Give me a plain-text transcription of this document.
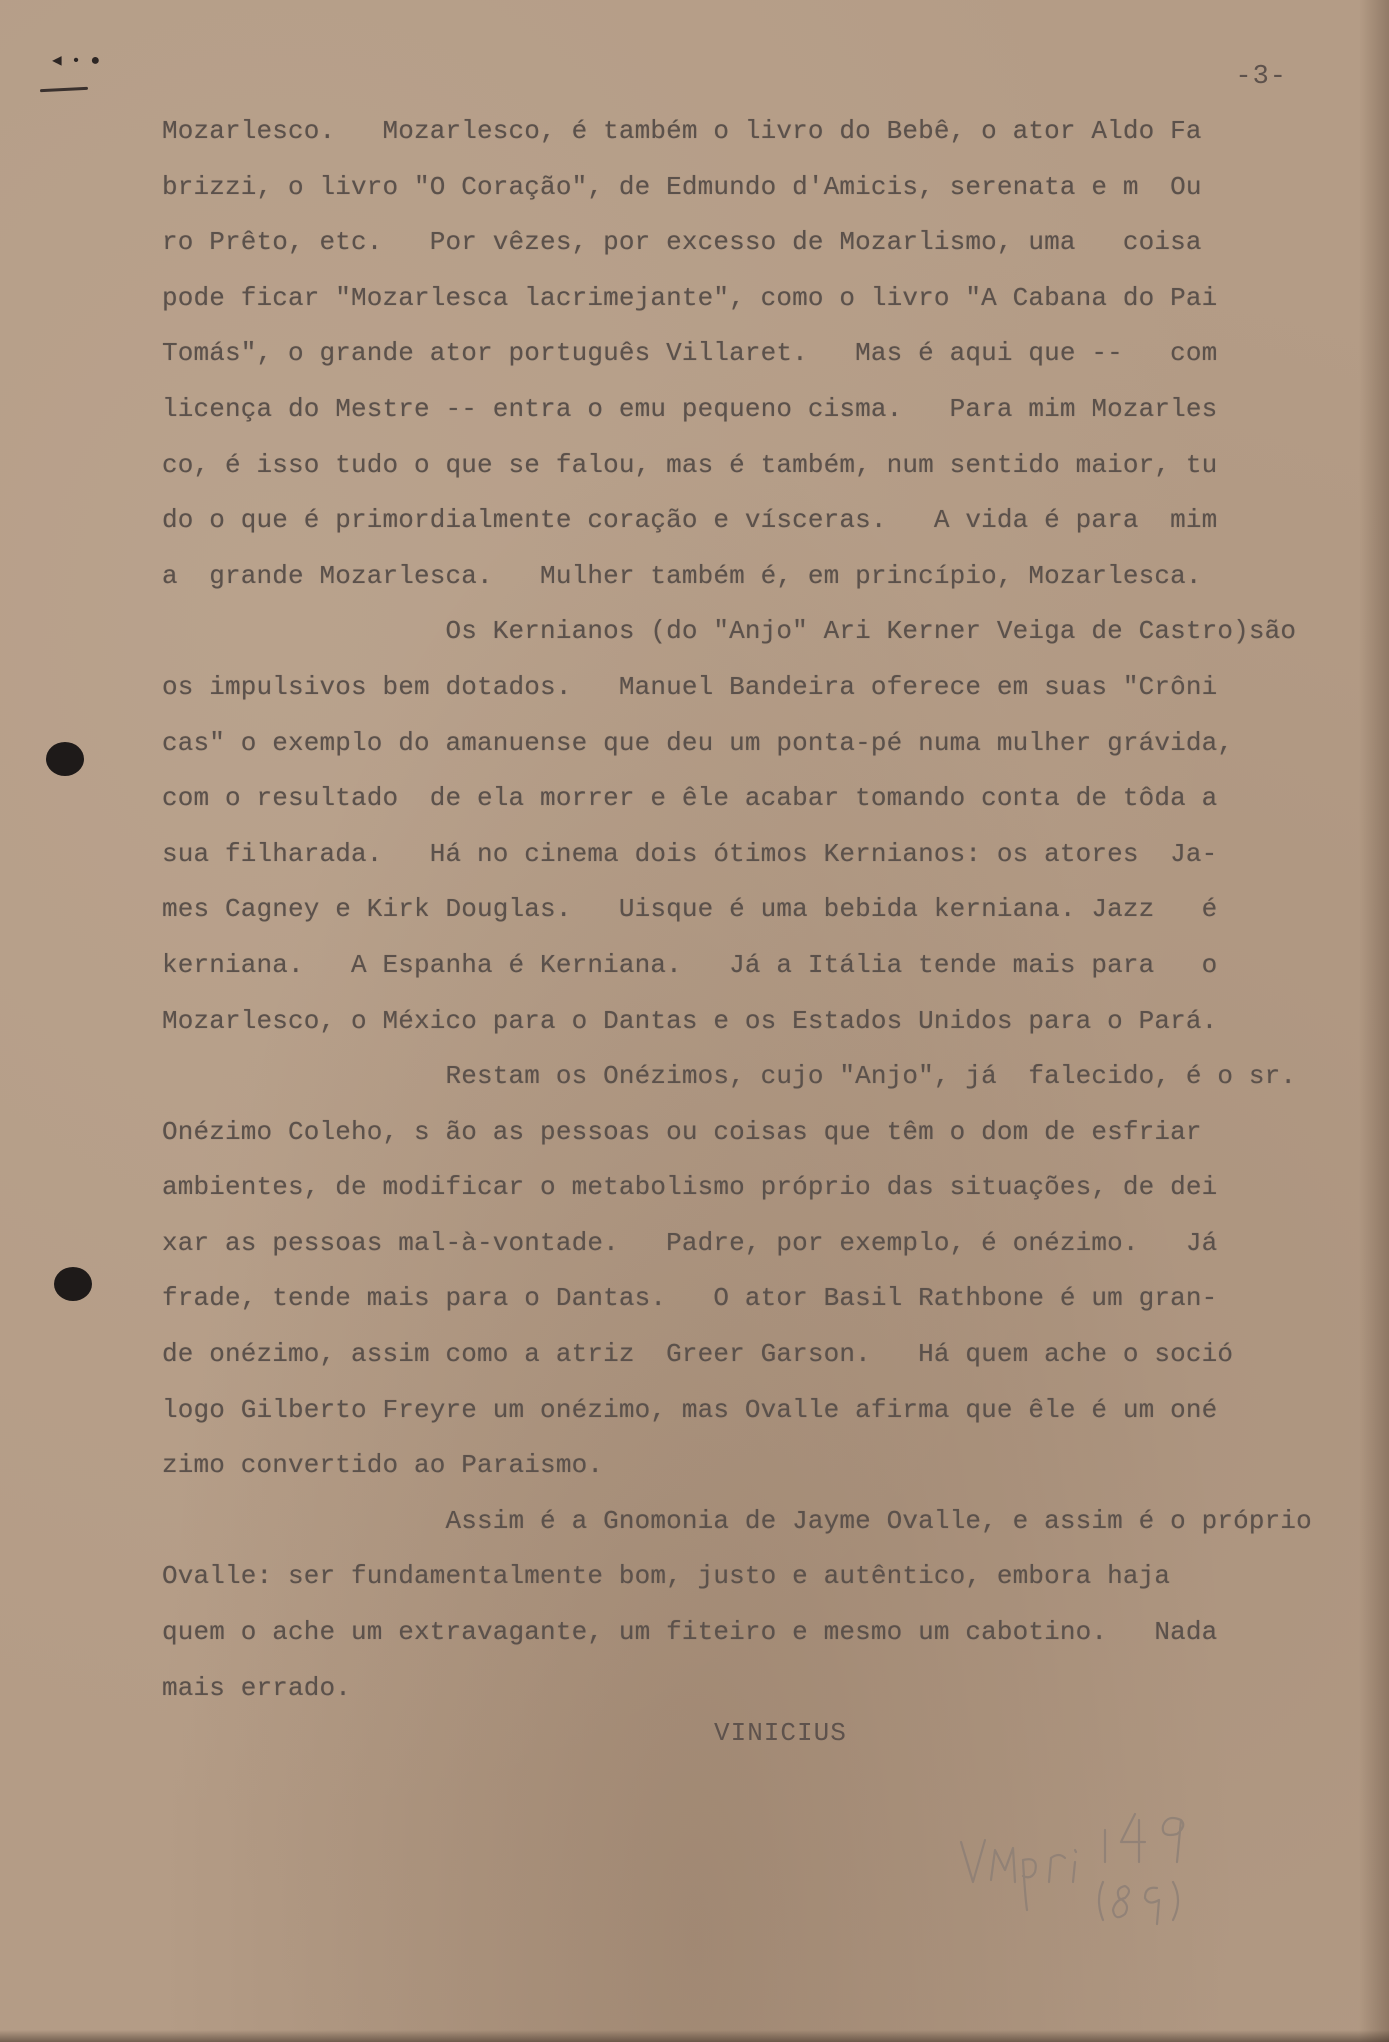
◀ • ●
-3-
Mozarlesco.   Mozarlesco, é também o livro do Bebê, o ator Aldo Fa
brizzi, o livro "O Coração", de Edmundo d'Amicis, serenata e m  Ou
ro Prêto, etc.   Por vêzes, por excesso de Mozarlismo, uma   coisa
pode ficar "Mozarlesca lacrimejante", como o livro "A Cabana do Pai
Tomás", o grande ator português Villaret.   Mas é aqui que --   com
licença do Mestre -- entra o emu pequeno cisma.   Para mim Mozarles
co, é isso tudo o que se falou, mas é também, num sentido maior, tu
do o que é primordialmente coração e vísceras.   A vida é para  mim
a  grande Mozarlesca.   Mulher também é, em princípio, Mozarlesca.
Os Kernianos (do "Anjo" Ari Kerner Veiga de Castro)são
os impulsivos bem dotados.   Manuel Bandeira oferece em suas "Crôni
cas" o exemplo do amanuense que deu um ponta-pé numa mulher grávida,
com o resultado  de ela morrer e êle acabar tomando conta de tôda a
sua filharada.   Há no cinema dois ótimos Kernianos: os atores  Ja-
mes Cagney e Kirk Douglas.   Uisque é uma bebida kerniana. Jazz   é
kerniana.   A Espanha é Kerniana.   Já a Itália tende mais para   o
Mozarlesco, o México para o Dantas e os Estados Unidos para o Pará.
Restam os Onézimos, cujo "Anjo", já  falecido, é o sr.
Onézimo Coleho, s ão as pessoas ou coisas que têm o dom de esfriar
ambientes, de modificar o metabolismo próprio das situações, de dei
xar as pessoas mal-à-vontade.   Padre, por exemplo, é onézimo.   Já
frade, tende mais para o Dantas.   O ator Basil Rathbone é um gran-
de onézimo, assim como a atriz  Greer Garson.   Há quem ache o soció
logo Gilberto Freyre um onézimo, mas Ovalle afirma que êle é um oné
zimo convertido ao Paraismo.
Assim é a Gnomonia de Jayme Ovalle, e assim é o próprio
Ovalle: ser fundamentalmente bom, justo e autêntico, embora haja
quem o ache um extravagante, um fiteiro e mesmo um cabotino.   Nada
mais errado.
VINICIUS
